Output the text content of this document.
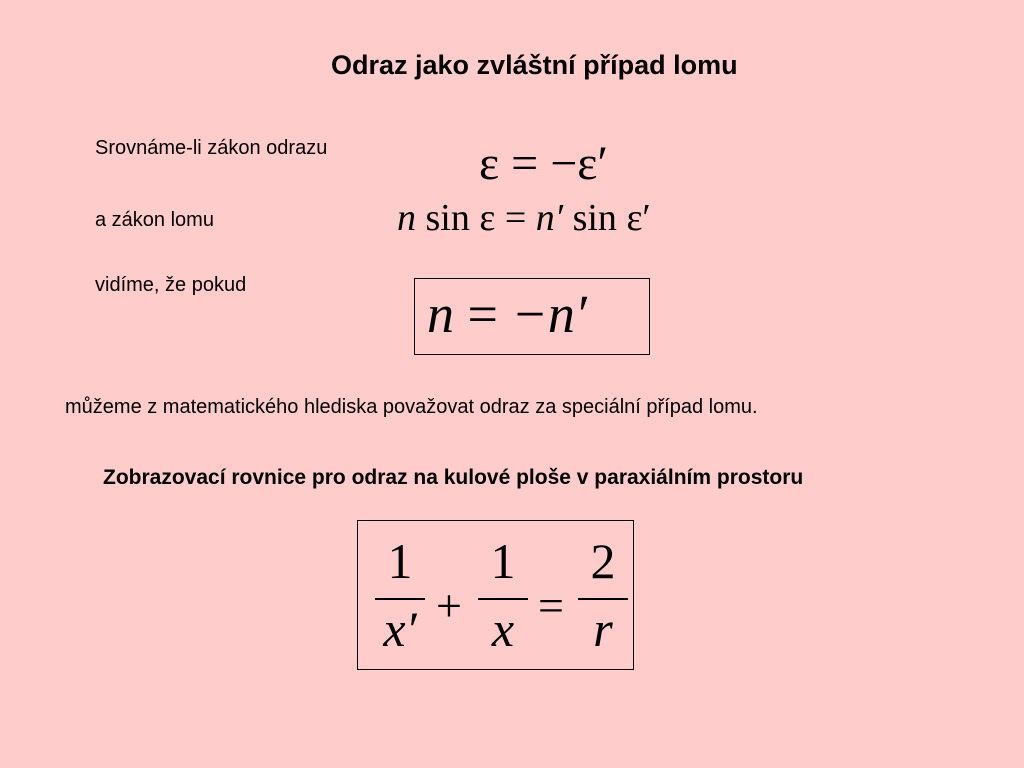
Odraz jako zvláštní případ lomu
Srovnáme-li zákon odrazu
a zákon lomu
vidíme, že pokud
můžeme z matematického hlediska považovat odraz za speciální případ lomu.
ε = −ε′
n sin ε = n′ sin ε′
n = −n′
Zobrazovací rovnice pro odraz na kulové ploše v paraxiálním prostoru
1
x′ +
1
x =
2
r
